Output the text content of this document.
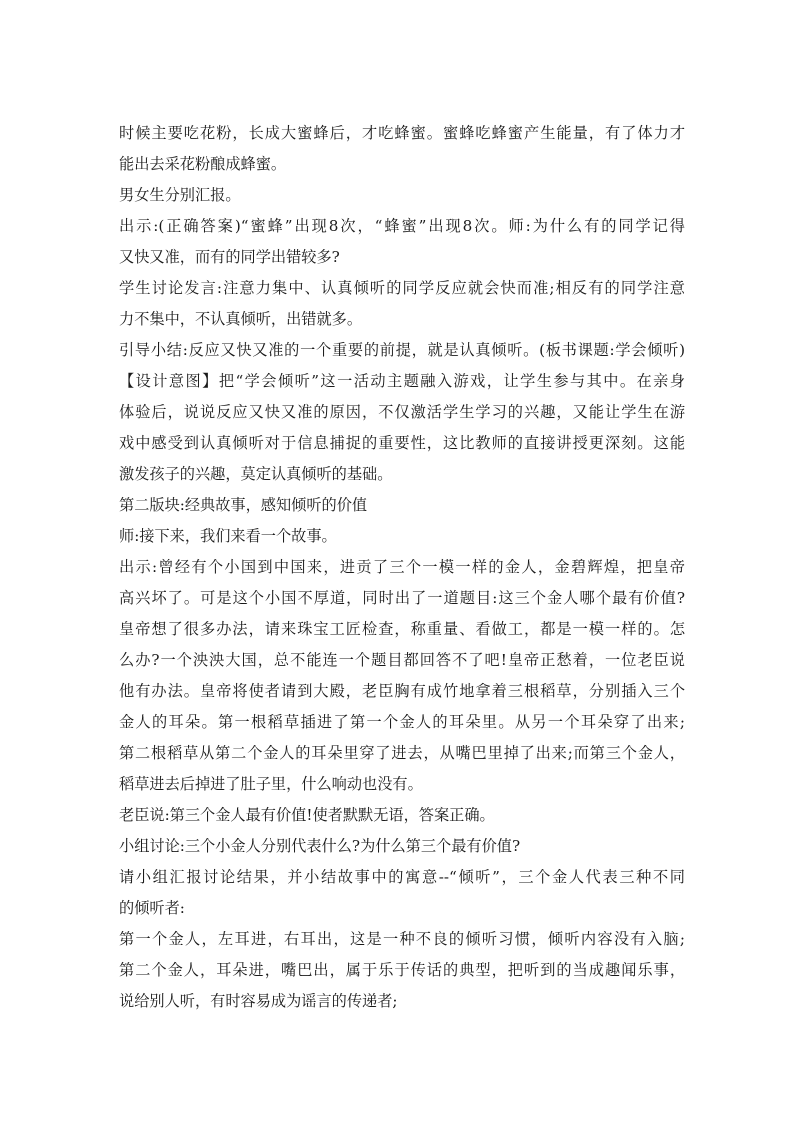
时候主要吃花粉，长成大蜜蜂后，才吃蜂蜜。蜜蜂吃蜂蜜产生能量，有了体力才
能出去采花粉酿成蜂蜜。
男女生分别汇报。
出示:(正确答案)“蜜蜂”出现8次，“蜂蜜”出现8次。师:为什么有的同学记得
又快又准，而有的同学出错较多?
学生讨论发言:注意力集中、认真倾听的同学反应就会快而准;相反有的同学注意
力不集中，不认真倾听，出错就多。
引导小结:反应又快又准的一个重要的前提，就是认真倾听。(板书课题:学会倾听)
【设计意图】把“学会倾听”这一活动主题融入游戏，让学生参与其中。在亲身
体验后，说说反应又快又准的原因，不仅激活学生学习的兴趣，又能让学生在游
戏中感受到认真倾听对于信息捕捉的重要性，这比教师的直接讲授更深刻。这能
激发孩子的兴趣，莫定认真倾听的基础。
第二版块:经典故事，感知倾听的价值
师:接下来，我们来看一个故事。
出示:曾经有个小国到中国来，进贡了三个一模一样的金人，金碧辉煌，把皇帝
高兴坏了。可是这个小国不厚道，同时出了一道题目:这三个金人哪个最有价值?
皇帝想了很多办法，请来珠宝工匠检查，称重量、看做工，都是一模一样的。怎
么办?一个泱泱大国，总不能连一个题目都回答不了吧!皇帝正愁着，一位老臣说
他有办法。皇帝将使者请到大殿，老臣胸有成竹地拿着三根稻草，分别插入三个
金人的耳朵。第一根稻草插进了第一个金人的耳朵里。从另一个耳朵穿了出来;
第二根稻草从第二个金人的耳朵里穿了进去，从嘴巴里掉了出来;而第三个金人，
稻草进去后掉进了肚子里，什么响动也没有。
老臣说:第三个金人最有价值!使者默默无语，答案正确。
小组讨论:三个小金人分别代表什么?为什么第三个最有价值?
请小组汇报讨论结果，并小结故事中的寓意--“倾听”，三个金人代表三种不同
的倾听者:
第一个金人，左耳进，右耳出，这是一种不良的倾听习惯，倾听内容没有入脑;
第二个金人，耳朵进，嘴巴出，属于乐于传话的典型，把听到的当成趣闻乐事，
说给别人听，有时容易成为谣言的传递者;
